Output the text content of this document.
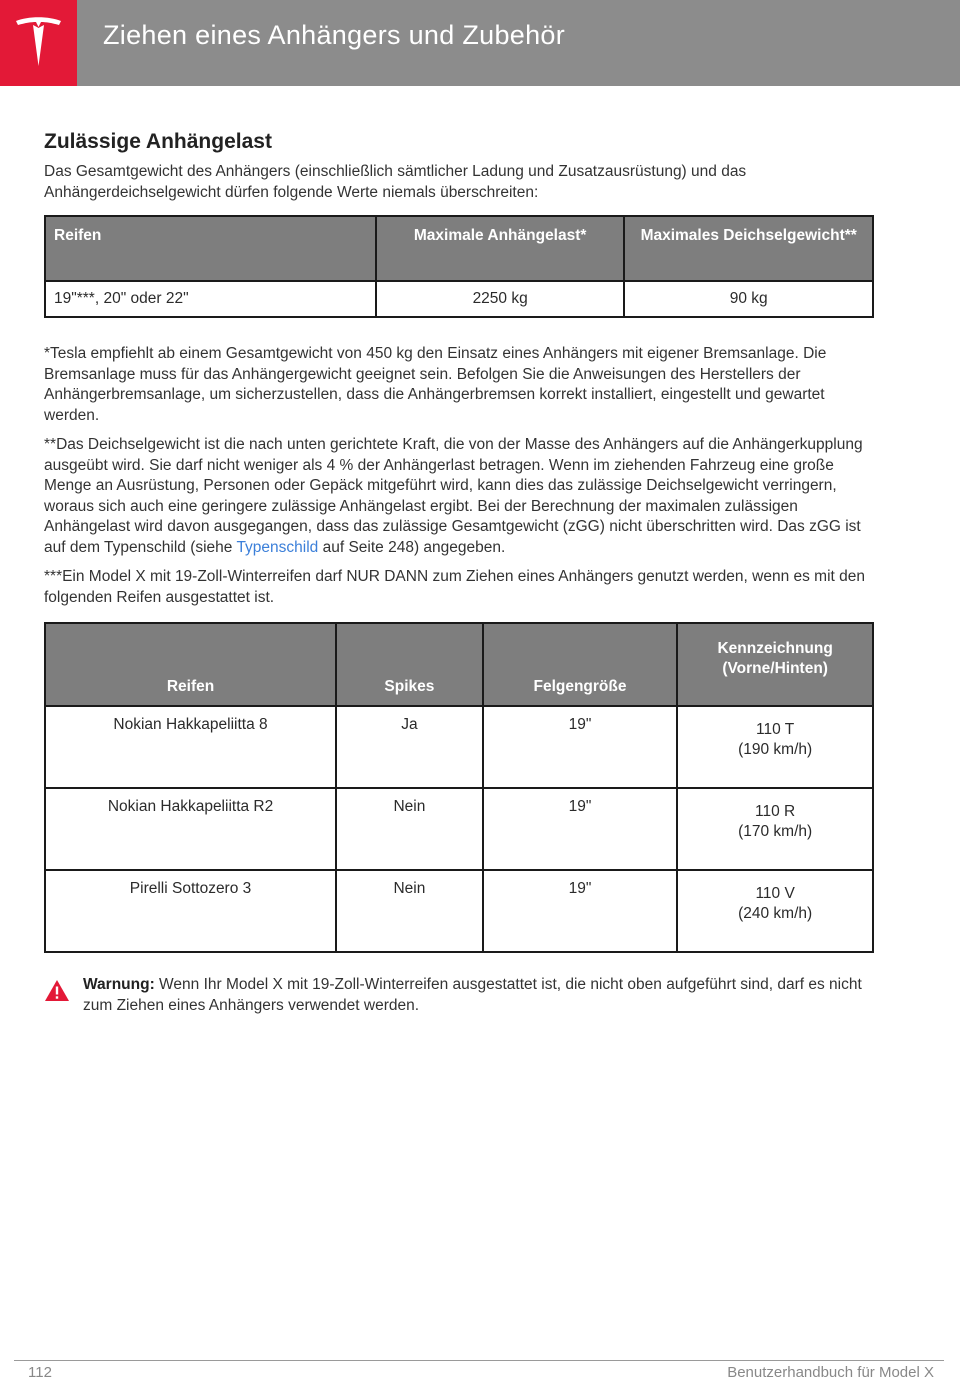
Ziehen eines Anhängers und Zubehör
Zulässige Anhängelast

Das Gesamtgewicht des Anhängers (einschließlich sämtlicher Ladung und Zusatzausrüstung) und das Anhängerdeichselgewicht dürfen folgende Werte niemals überschreiten:

Reifen	Maximale Anhängelast*	Maximales Deichselgewicht**
19"***, 20" oder 22"	2250 kg	90 kg

*Tesla empfiehlt ab einem Gesamtgewicht von 450 kg den Einsatz eines Anhängers mit eigener Bremsanlage. Die Bremsanlage muss für das Anhängergewicht geeignet sein. Befolgen Sie die Anweisungen des Herstellers der Anhängerbremsanlage, um sicherzustellen, dass die Anhängerbremsen korrekt installiert, eingestellt und gewartet werden.

**Das Deichselgewicht ist die nach unten gerichtete Kraft, die von der Masse des Anhängers auf die Anhängerkupplung ausgeübt wird. Sie darf nicht weniger als 4 % der Anhängerlast betragen. Wenn im ziehenden Fahrzeug eine große Menge an Ausrüstung, Personen oder Gepäck mitgeführt wird, kann dies das zulässige Deichselgewicht verringern, woraus sich auch eine geringere zulässige Anhängelast ergibt. Bei der Berechnung der maximalen zulässigen Anhängelast wird davon ausgegangen, dass das zulässige Gesamtgewicht (zGG) nicht überschritten wird. Das zGG ist auf dem Typenschild (siehe Typenschild auf Seite 248) angegeben.

***Ein Model X mit 19-Zoll-Winterreifen darf NUR DANN zum Ziehen eines Anhängers genutzt werden, wenn es mit den folgenden Reifen ausgestattet ist.

Reifen	Spikes	Felgengröße	Kennzeichnung (Vorne/Hinten)
Nokian Hakkapeliitta 8	Ja	19"	110 T
(190 km/h)
Nokian Hakkapeliitta R2	Nein	19"	110 R
(170 km/h)
Pirelli Sottozero 3	Nein	19"	110 V
(240 km/h)

Warnung: Wenn Ihr Model X mit 19-Zoll-Winterreifen ausgestattet ist, die nicht oben aufgeführt sind, darf es nicht zum Ziehen eines Anhängers verwendet werden.

112	Benutzerhandbuch für Model X
